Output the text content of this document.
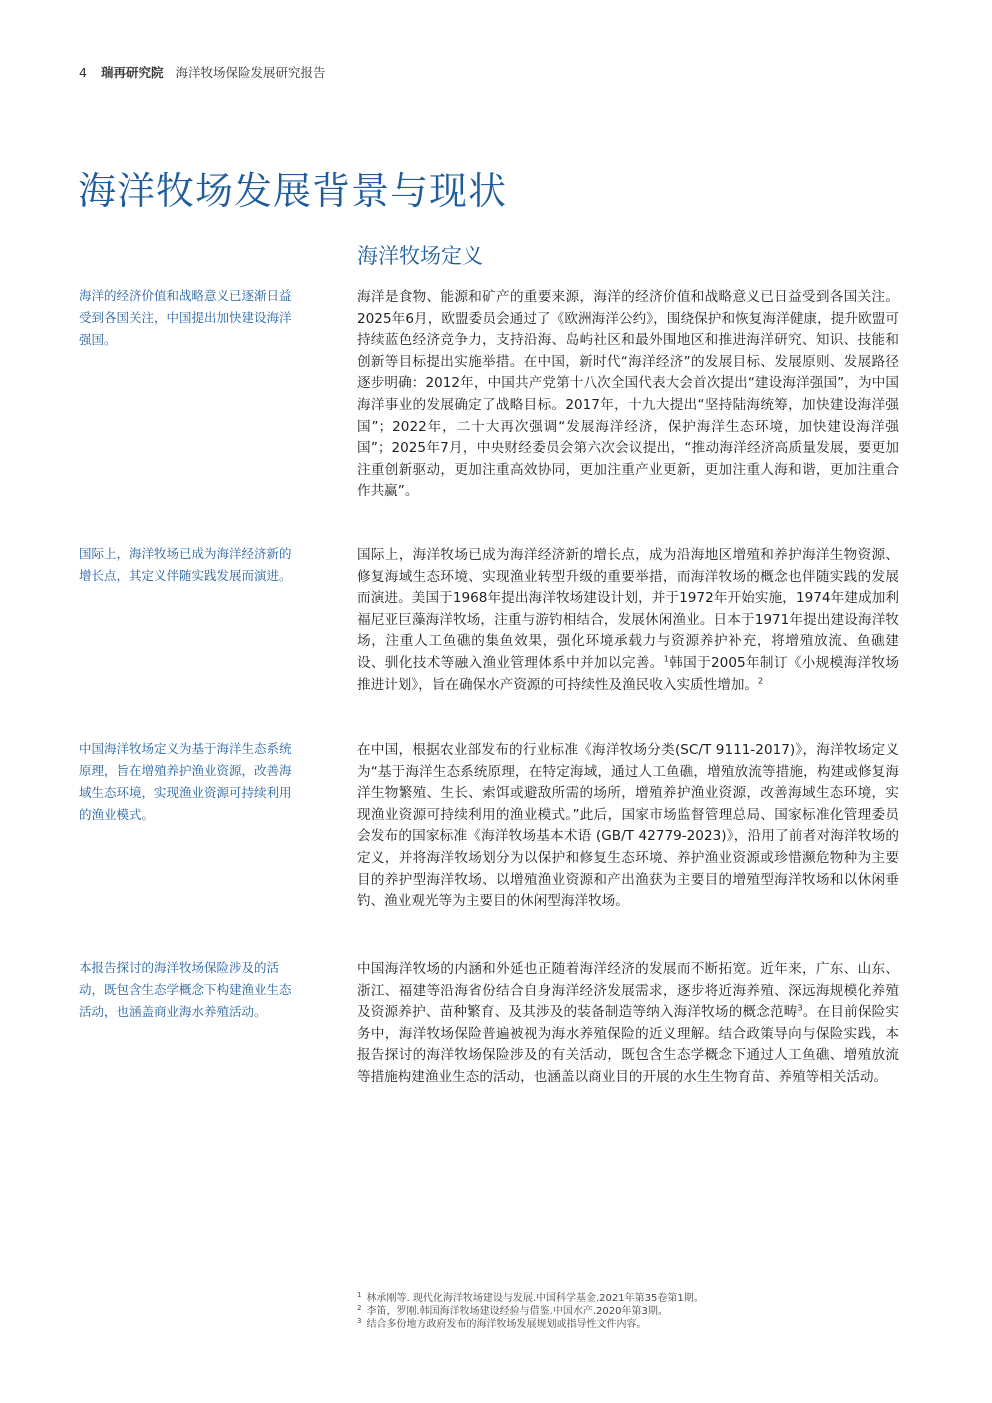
4 瑞再研究院 海洋牧场保险发展研究报告
海洋牧场发展背景与现状
海洋牧场定义
海洋的经济价值和战略意义已逐渐日益受到各国关注，中国提出加快建设海洋强国。
国际上，海洋牧场已成为海洋经济新的增长点，其定义伴随实践发展而演进。
中国海洋牧场定义为基于海洋生态系统原理，旨在增殖养护渔业资源，改善海域生态环境，实现渔业资源可持续利用的渔业模式。
本报告探讨的海洋牧场保险涉及的活动，既包含生态学概念下构建渔业生态活动，也涵盖商业海水养殖活动。

海洋是食物、能源和矿产的重要来源，海洋的经济价值和战略意义已日益受到各国关注。2025年6月，欧盟委员会通过了《欧洲海洋公约》，围绕保护和恢复海洋健康，提升欧盟可持续蓝色经济竞争力，支持沿海、岛屿社区和最外围地区和推进海洋研究、知识、技能和创新等目标提出实施举措。在中国，新时代“海洋经济”的发展目标、发展原则、发展路径逐步明确：2012年，中国共产党第十八次全国代表大会首次提出“建设海洋强国”，为中国海洋事业的发展确定了战略目标。2017年，十九大提出“坚持陆海统筹，加快建设海洋强国”；2022年，二十大再次强调“发展海洋经济，保护海洋生态环境，加快建设海洋强国”；2025年7月，中央财经委员会第六次会议提出，“推动海洋经济高质量发展，要更加注重创新驱动，更加注重高效协同，更加注重产业更新，更加注重人海和谐，更加注重合作共赢”。

国际上，海洋牧场已成为海洋经济新的增长点，成为沿海地区增殖和养护海洋生物资源、修复海域生态环境、实现渔业转型升级的重要举措，而海洋牧场的概念也伴随实践的发展而演进。美国于1968年提出海洋牧场建设计划，并于1972年开始实施，1974年建成加利福尼亚巨藻海洋牧场，注重与游钓相结合，发展休闲渔业。日本于1971年提出建设海洋牧场，注重人工鱼礁的集鱼效果，强化环境承载力与资源养护补充，将增殖放流、鱼礁建设、驯化技术等融入渔业管理体系中并加以完善。$^1$韩国于2005年制订《小规模海洋牧场推进计划》，旨在确保水产资源的可持续性及渔民收入实质性增加。$^2$

在中国，根据农业部发布的行业标准《海洋牧场分类(SC/T 9111-2017)》，海洋牧场定义为“基于海洋生态系统原理，在特定海域，通过人工鱼礁，增殖放流等措施，构建或修复海洋生物繁殖、生长、索饵或避敌所需的场所，增殖养护渔业资源，改善海域生态环境，实现渔业资源可持续利用的渔业模式。”此后，国家市场监督管理总局、国家标准化管理委员会发布的国家标准《海洋牧场基本术语 (GB/T 42779-2023)》，沿用了前者对海洋牧场的定义，并将海洋牧场划分为以保护和修复生态环境、养护渔业资源或珍惜濒危物种为主要目的养护型海洋牧场、以增殖渔业资源和产出渔获为主要目的增殖型海洋牧场和以休闲垂钓、渔业观光等为主要目的休闲型海洋牧场。

中国海洋牧场的内涵和外延也正随着海洋经济的发展而不断拓宽。近年来，广东、山东、浙江、福建等沿海省份结合自身海洋经济发展需求，逐步将近海养殖、深远海规模化养殖及资源养护、苗种繁育、及其涉及的装备制造等纳入海洋牧场的概念范畴$^3$。在目前保险实务中，海洋牧场保险普遍被视为海水养殖保险的近义理解。结合政策导向与保险实践，本报告探讨的海洋牧场保险涉及的有关活动，既包含生态学概念下通过人工鱼礁、增殖放流等措施构建渔业生态的活动，也涵盖以商业目的开展的水生生物育苗、养殖等相关活动。

$^1$ 林承刚等. 现代化海洋牧场建设与发展.中国科学基金.2021年第35卷第1期。
$^2$ 李笛，罗刚.韩国海洋牧场建设经验与借鉴.中国水产.2020年第3期。
$^3$ 结合多份地方政府发布的海洋牧场发展规划或指导性文件内容。
